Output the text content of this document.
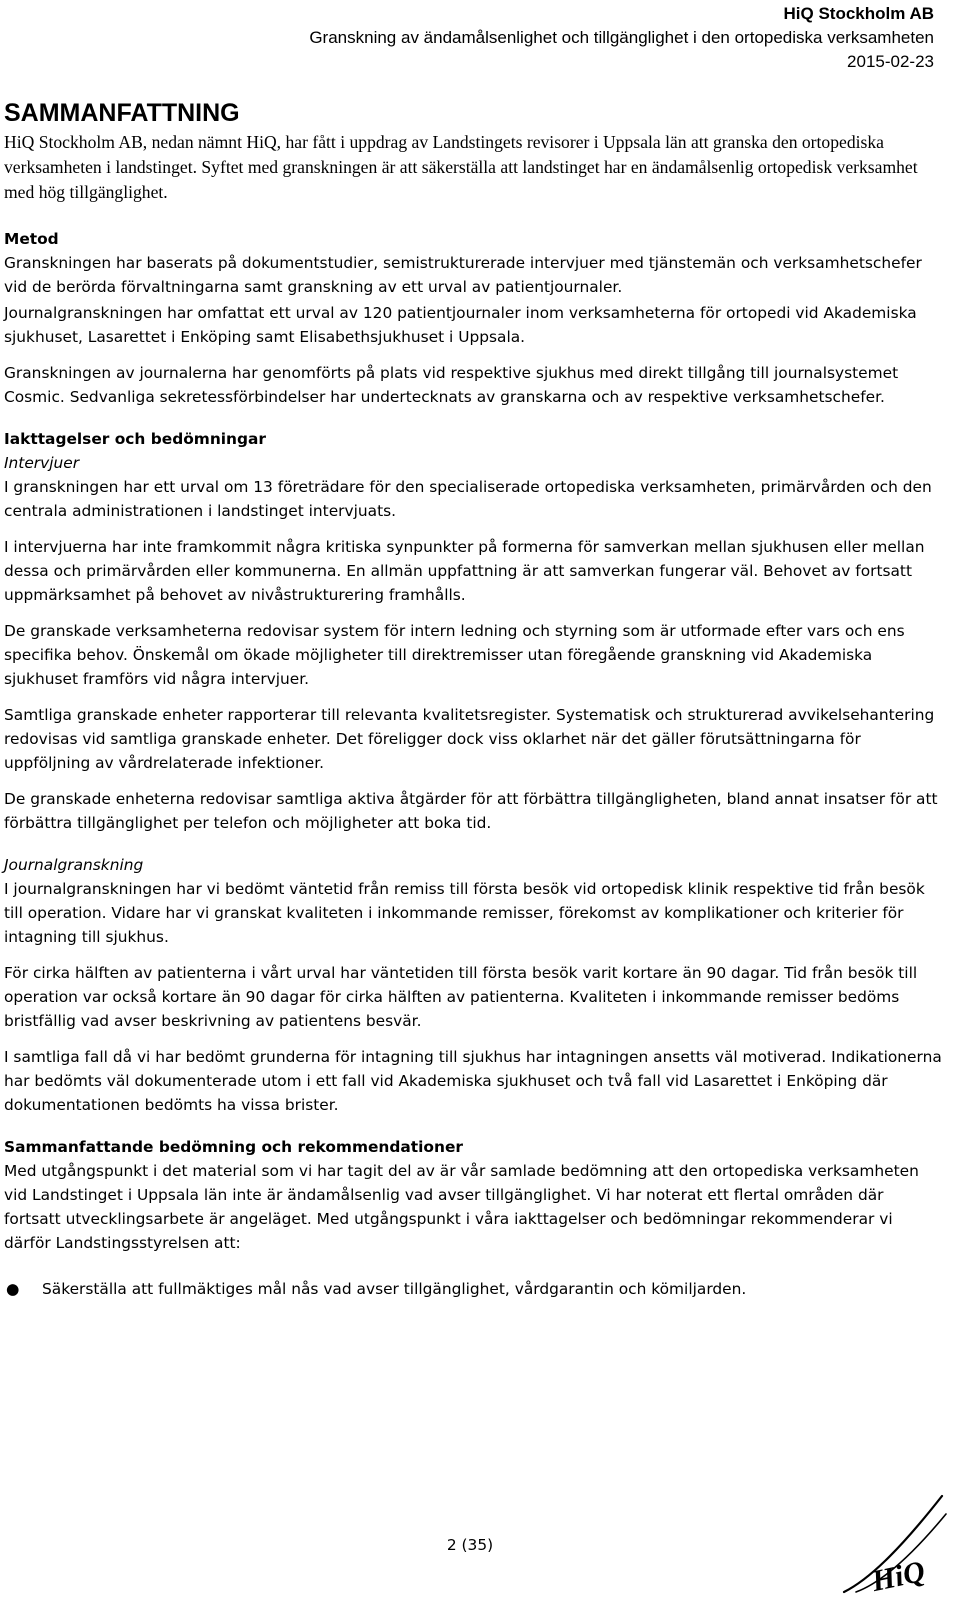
HiQ Stockholm AB
Granskning av ändamålsenlighet och tillgänglighet i den ortopediska verksamheten
2015-02-23
SAMMANFATTNING

HiQ Stockholm AB, nedan nämnt HiQ, har fått i uppdrag av Landstingets revisorer i Uppsala län att granska den ortopediska verksamheten i landstinget. Syftet med granskningen är att säkerställa att landstinget har en ändamålsenlig ortopedisk verksamhet med hög tillgänglighet.

Metod

Granskningen har baserats på dokumentstudier, semistrukturerade intervjuer med tjänstemän och verksamhetschefer vid de berörda förvaltningarna samt granskning av ett urval av patientjournaler.

Journalgranskningen har omfattat ett urval av 120 patientjournaler inom verksamheterna för ortopedi vid Akademiska sjukhuset, Lasarettet i Enköping samt Elisabethsjukhuset i Uppsala.

Granskningen av journalerna har genomförts på plats vid respektive sjukhus med direkt tillgång till journalsystemet Cosmic. Sedvanliga sekretessförbindelser har undertecknats av granskarna och av respektive verksamhetschefer.

Iakttagelser och bedömningar
Intervjuer

I granskningen har ett urval om 13 företrädare för den specialiserade ortopediska verksamheten, primärvården och den centrala administrationen i landstinget intervjuats.

I intervjuerna har inte framkommit några kritiska synpunkter på formerna för samverkan mellan sjukhusen eller mellan dessa och primärvården eller kommunerna. En allmän uppfattning är att samverkan fungerar väl. Behovet av fortsatt uppmärksamhet på behovet av nivåstrukturering framhålls.

De granskade verksamheterna redovisar system för intern ledning och styrning som är utformade efter vars och ens specifika behov. Önskemål om ökade möjligheter till direktremisser utan föregående granskning vid Akademiska sjukhuset framförs vid några intervjuer.

Samtliga granskade enheter rapporterar till relevanta kvalitetsregister. Systematisk och strukturerad avvikelsehantering redovisas vid samtliga granskade enheter. Det föreligger dock viss oklarhet när det gäller förutsättningarna för uppföljning av vårdrelaterade infektioner.

De granskade enheterna redovisar samtliga aktiva åtgärder för att förbättra tillgängligheten, bland annat insatser för att förbättra tillgänglighet per telefon och möjligheter att boka tid.

Journalgranskning

I journalgranskningen har vi bedömt väntetid från remiss till första besök vid ortopedisk klinik respektive tid från besök till operation. Vidare har vi granskat kvaliteten i inkommande remisser, förekomst av komplikationer och kriterier för intagning till sjukhus.

För cirka hälften av patienterna i vårt urval har väntetiden till första besök varit kortare än 90 dagar. Tid från besök till operation var också kortare än 90 dagar för cirka hälften av patienterna. Kvaliteten i inkommande remisser bedöms bristfällig vad avser beskrivning av patientens besvär.

I samtliga fall då vi har bedömt grunderna för intagning till sjukhus har intagningen ansetts väl motiverad. Indikationerna har bedömts väl dokumenterade utom i ett fall vid Akademiska sjukhuset och två fall vid Lasarettet i Enköping där dokumentationen bedömts ha vissa brister.

Sammanfattande bedömning och rekommendationer

Med utgångspunkt i det material som vi har tagit del av är vår samlade bedömning att den ortopediska verksamheten vid Landstinget i Uppsala län inte är ändamålsenlig vad avser tillgänglighet. Vi har noterat ett flertal områden där fortsatt utvecklingsarbete är angeläget. Med utgångspunkt i våra iakttagelser och bedömningar rekommenderar vi därför Landstingsstyrelsen att:

● Säkerställa att fullmäktiges mål nås vad avser tillgänglighet, vårdgarantin och kömiljarden.
2 (35)
HiQ
